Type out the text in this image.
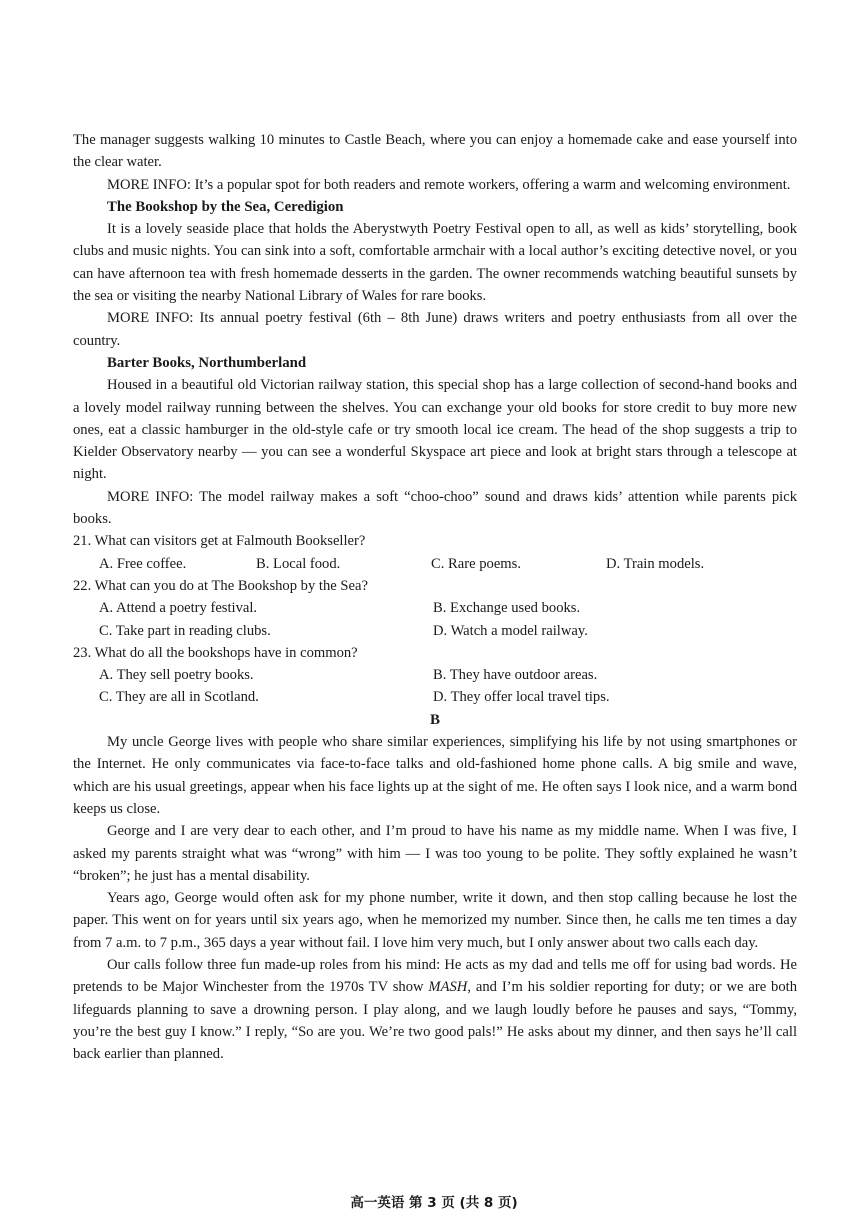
The manager suggests walking 10 minutes to Castle Beach, where you can enjoy a homemade cake and ease yourself into the clear water.

MORE INFO: It’s a popular spot for both readers and remote workers, offering a warm and welcoming environment.

The Bookshop by the Sea, Ceredigion

It is a lovely seaside place that holds the Aberystwyth Poetry Festival open to all, as well as kids’ storytelling, book clubs and music nights. You can sink into a soft, comfortable armchair with a local author’s exciting detective novel, or you can have afternoon tea with fresh homemade desserts in the garden. The owner recommends watching beautiful sunsets by the sea or visiting the nearby National Library of Wales for rare books.

MORE INFO: Its annual poetry festival (6th – 8th June) draws writers and poetry enthusiasts from all over the country.

Barter Books, Northumberland

Housed in a beautiful old Victorian railway station, this special shop has a large collection of second-hand books and a lovely model railway running between the shelves. You can exchange your old books for store credit to buy more new ones, eat a classic hamburger in the old-style cafe or try smooth local ice cream. The head of the shop suggests a trip to Kielder Observatory nearby — you can see a wonderful Skyspace art piece and look at bright stars through a telescope at night.

MORE INFO: The model railway makes a soft “choo-choo” sound and draws kids’ attention while parents pick books.

21. What can visitors get at Falmouth Bookseller?

A. Free coffee.	B. Local food.	C. Rare poems.	D. Train models.

22. What can you do at The Bookshop by the Sea?

A. Attend a poetry festival.	B. Exchange used books.
C. Take part in reading clubs.	D. Watch a model railway.

23. What do all the bookshops have in common?

A. They sell poetry books.	B. They have outdoor areas.
C. They are all in Scotland.	D. They offer local travel tips.

B

My uncle George lives with people who share similar experiences, simplifying his life by not using smartphones or the Internet. He only communicates via face-to-face talks and old-fashioned home phone calls. A big smile and wave, which are his usual greetings, appear when his face lights up at the sight of me. He often says I look nice, and a warm bond keeps us close.

George and I are very dear to each other, and I’m proud to have his name as my middle name. When I was five, I asked my parents straight what was “wrong” with him — I was too young to be polite. They softly explained he wasn’t “broken”; he just has a mental disability.

Years ago, George would often ask for my phone number, write it down, and then stop calling because he lost the paper. This went on for years until six years ago, when he memorized my number. Since then, he calls me ten times a day from 7 a.m. to 7 p.m., 365 days a year without fail. I love him very much, but I only answer about two calls each day.

Our calls follow three fun made-up roles from his mind: He acts as my dad and tells me off for using bad words. He pretends to be Major Winchester from the 1970s TV show MASH, and I’m his soldier reporting for duty; or we are both lifeguards planning to save a drowning person. I play along, and we laugh loudly before he pauses and says, “Tommy, you’re the best guy I know.” I reply, “So are you. We’re two good pals!” He asks about my dinner, and then says he’ll call back earlier than planned.

高一英语 第 3 页 (共 8 页)
